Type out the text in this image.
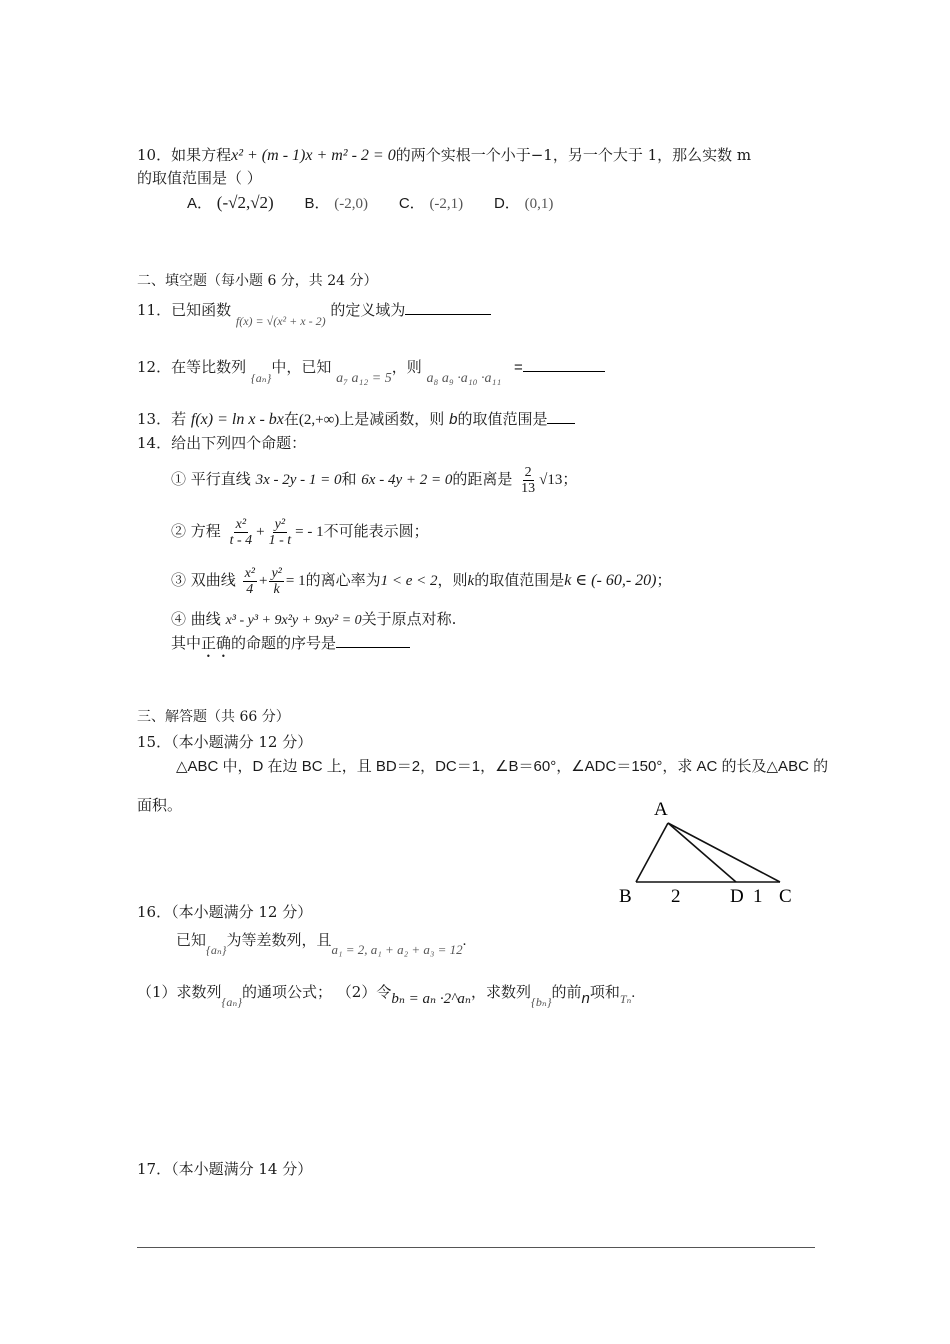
10．如果方程x² + (m - 1)x + m² - 2 = 0的两个实根一个小于−1，另一个大于 1，那么实数 m
的取值范围是（ ）
A． (-√2,√2) B． (-2,0) C． (-2,1) D． (0,1)
二、填空题（每小题 6 分，共 24 分）
11．已知函数 $_{f(x) = √(x^2 + x - 2)}$ 的定义域为
12．在等比数列 $_{\{a_n\}}$中，已知 a₇ a₁₂ = 5，则 a₈ a₉ ·a₁₀ ·a₁₁ =
13．若 f(x) = ln x - bx在(2,+∞)上是减函数，则 b的取值范围是
14．给出下列四个命题：
① 平行直线 3x - 2y - 1 = 0和 6x - 4y + 2 = 0的距离是 $\frac{2}{13} √13$；
② 方程 $\frac{\text{x²}}{t - 4} + \frac{\text{y²}}{1 - t}$ = - 1不可能表示圆；
③ 双曲线 $\frac{\text{x²}}{4} + \frac{\text{y²}}{k} = 1$的离心率为1 < e < 2，则k的取值范围是k ∈ (- 60,- 20)；
④ 曲线 x³ - y³ + 9x²y + 9xy² = 0关于原点对称.
其中正确的命题的序号是
三、解答题（共 66 分）
15．（本小题满分 12 分）
△ABC 中，D 在边 BC 上，且 BD＝2，DC＝1，∠B＝60°，∠ADC＝150°，求 AC 的长及△ABC 的
面积。	A
B 2	D 1 C
16．（本小题满分 12 分）
已知$_{\{a_n\}}$为等差数列，且a₁ = 2, a₁ + a₂ + a₃ = 12.
（1）求数列$_{\{a_n\}}$的通项公式； （2）令bₙ = aₙ ·2^aₙ，求数列$_{\{b_n\}}$的前n项和$_{T_n}$.
17．（本小题满分 14 分）
